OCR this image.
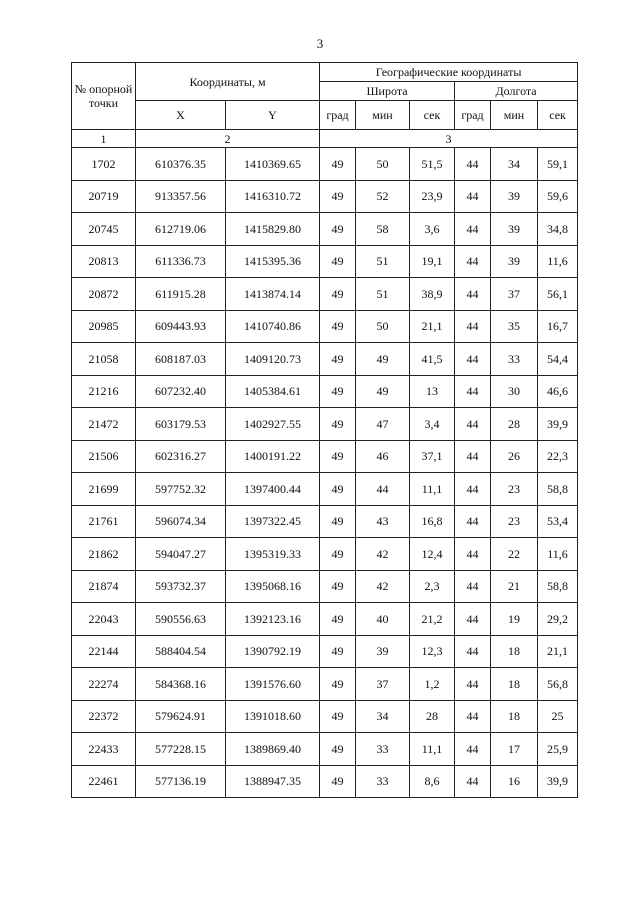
3
№ опорной точки	Координаты, м		Географические координаты					
			Широта			Долгота		
	X	Y	град	мин	сек	град	мин	сек
1	2		3					
1702	610376.35	1410369.65	49	50	51,5	44	34	59,1
20719	913357.56	1416310.72	49	52	23,9	44	39	59,6
20745	612719.06	1415829.80	49	58	3,6	44	39	34,8
20813	611336.73	1415395.36	49	51	19,1	44	39	11,6
20872	611915.28	1413874.14	49	51	38,9	44	37	56,1
20985	609443.93	1410740.86	49	50	21,1	44	35	16,7
21058	608187.03	1409120.73	49	49	41,5	44	33	54,4
21216	607232.40	1405384.61	49	49	13	44	30	46,6
21472	603179.53	1402927.55	49	47	3,4	44	28	39,9
21506	602316.27	1400191.22	49	46	37,1	44	26	22,3
21699	597752.32	1397400.44	49	44	11,1	44	23	58,8
21761	596074.34	1397322.45	49	43	16,8	44	23	53,4
21862	594047.27	1395319.33	49	42	12,4	44	22	11,6
21874	593732.37	1395068.16	49	42	2,3	44	21	58,8
22043	590556.63	1392123.16	49	40	21,2	44	19	29,2
22144	588404.54	1390792.19	49	39	12,3	44	18	21,1
22274	584368.16	1391576.60	49	37	1,2	44	18	56,8
22372	579624.91	1391018.60	49	34	28	44	18	25
22433	577228.15	1389869.40	49	33	11,1	44	17	25,9
22461	577136.19	1388947.35	49	33	8,6	44	16	39,9
